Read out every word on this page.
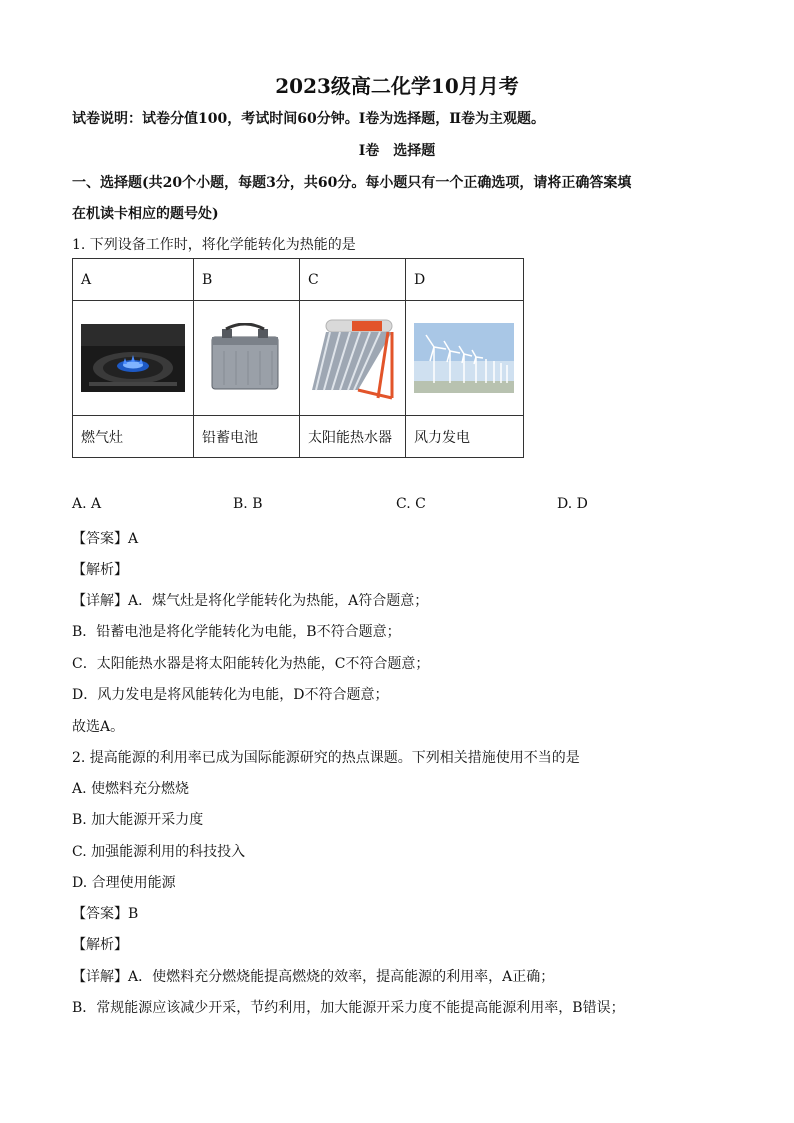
2023级高二化学10月月考
试卷说明：试卷分值100，考试时间60分钟。Ⅰ卷为选择题，Ⅱ卷为主观题。
Ⅰ卷　选择题
一、选择题(共20个小题，每题3分，共60分。每小题只有一个正确选项，请将正确答案填
在机读卡相应的题号处)
1. 下列设备工作时，将化学能转化为热能的是
A	B	C	D

燃气灶	铅蓄电池	太阳能热水器	风力发电
A. A	B. B	C. C	D. D
【答案】A
【解析】
【详解】A．煤气灶是将化学能转化为热能，A符合题意；
B．铅蓄电池是将化学能转化为电能，B不符合题意；
C．太阳能热水器是将太阳能转化为热能，C不符合题意；
D．风力发电是将风能转化为电能，D不符合题意；
故选A。
2. 提高能源的利用率已成为国际能源研究的热点课题。下列相关措施使用不当的是
A. 使燃料充分燃烧
B. 加大能源开采力度
C. 加强能源利用的科技投入
D. 合理使用能源
【答案】B
【解析】
【详解】A．使燃料充分燃烧能提高燃烧的效率，提高能源的利用率，A正确；
B．常规能源应该减少开采，节约利用，加大能源开采力度不能提高能源利用率，B错误；
